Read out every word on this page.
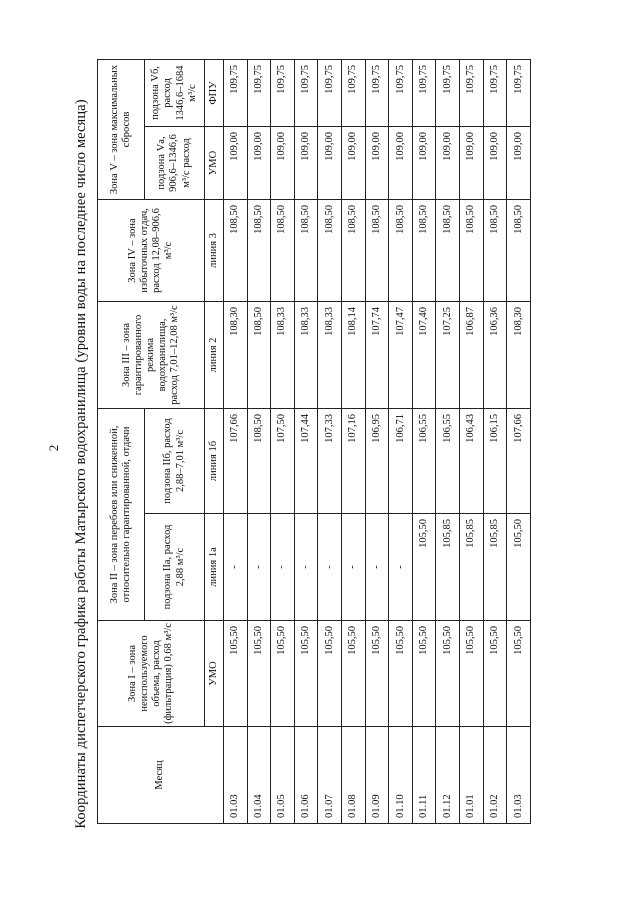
2 Координаты диспетчерского графика работы Матырского водохранилища (уровни воды на последнее число месяца)	Месяц	Зона I – зона неиспользуемого объема, расход (фильтрация) 0,68 м³/с	Зона II – зона перебоев или сниженной, относительно гарантированной, отдачи		Зона III – зона гарантированного режима водохранилища, расход 7,01–12,08 м³/с	Зона IV – зона избыточных отдач, расход 12,08–906,6 м³/с	Зона V – зона максимальных сбросов	
		подзона IIа, расход 2,88 м³/с	подзона IIб, расход 2,88–7,01 м³/с			подзона Vа, 906,6–1346,6 м³/с расход	подзона Vб, расход 1346,6–1684 м³/с
	УМО	линия 1а	линия 1б	линия 2	линия 3	УМО	ФПУ
01.03	105,50	-	107,66	108,30	108,50	109,00	109,75
01.04	105,50	-	108,50	108,50	108,50	109,00	109,75
01.05	105,50	-	107,50	108,33	108,50	109,00	109,75
01.06	105,50	-	107,44	108,33	108,50	109,00	109,75
01.07	105,50	-	107,33	108,33	108,50	109,00	109,75
01.08	105,50	-	107,16	108,14	108,50	109,00	109,75
01.09	105,50	-	106,95	107,74	108,50	109,00	109,75
01.10	105,50	-	106,71	107,47	108,50	109,00	109,75
01.11	105,50	105,50	106,55	107,40	108,50	109,00	109,75
01.12	105,50	105,85	106,55	107,25	108,50	109,00	109,75
01.01	105,50	105,85	106,43	106,87	108,50	109,00	109,75
01.02	105,50	105,85	106,15	106,36	108,50	109,00	109,75
01.03	105,50	105,50	107,66	108,30	108,50	109,00	109,75
